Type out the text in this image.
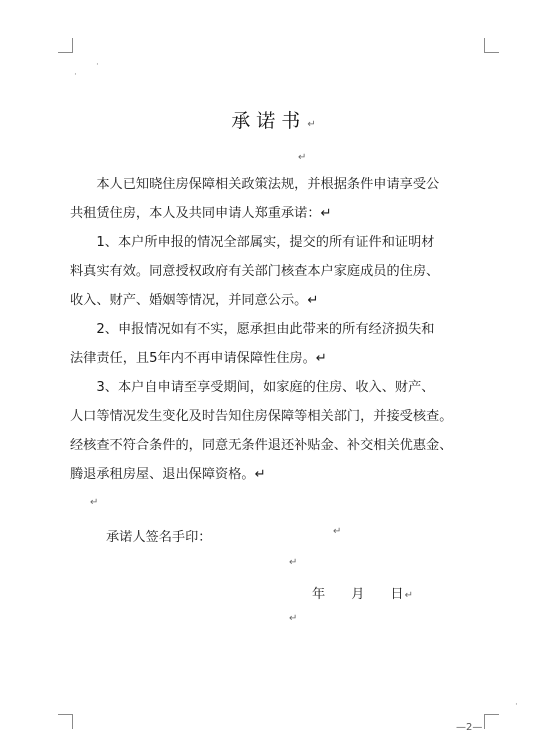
·
·
·
承诺书↵
↵
　　本人已知晓住房保障相关政策法规，并根据条件申请享受公
共租赁住房，本人及共同申请人郑重承诺：↵
　　1、本户所申报的情况全部属实，提交的所有证件和证明材
料真实有效。同意授权政府有关部门核查本户家庭成员的住房、
收入、财产、婚姻等情况，并同意公示。↵
　　2、申报情况如有不实，愿承担由此带来的所有经济损失和
法律责任，且5年内不再申请保障性住房。↵
　　3、本户自申请至享受期间，如家庭的住房、收入、财产、
人口等情况发生变化及时告知住房保障等相关部门，并接受核查。
经核查不符合条件的，同意无条件退还补贴金、补交相关优惠金、
腾退承租房屋、退出保障资格。↵
↵
承诺人签名手印：	↵
↵
年 月 日↵
↵
—2—
